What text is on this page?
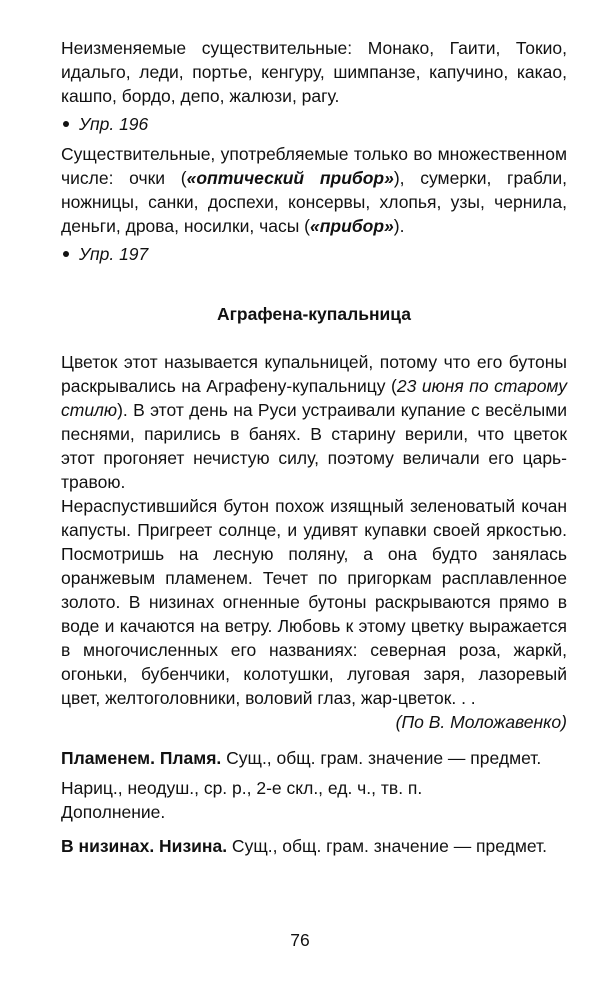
Неизменяемые существительные: Монако, Гаити, Токио, идальго, леди, портье, кенгуру, шимпанзе, капучино, какао, кашпо, бордо, депо, жалюзи, рагу.

Упр. 196

Существительные, употребляемые только во множественном числе: очки («оптический прибор»), сумерки, грабли, ножницы, санки, доспехи, консервы, хлопья, узы, чернила, деньги, дрова, носилки, часы («прибор»).

Упр. 197
Аграфена-купальница

Цветок этот называется купальницей, потому что его бутоны раскрывались на Аграфену-купальницу (23 июня по старому стилю). В этот день на Руси устраивали купание с весёлыми песнями, парились в банях. В старину верили, что цветок этот прогоняет нечистую силу, поэтому величали его царь-травою.

Нераспустившийся бутон похож изящный зеленоватый кочан капусты. Пригреет солнце, и удивят купавки своей яркостью. Посмотришь на лесную поляну, а она будто занялась оранжевым пламенем. Течет по пригоркам расплавленное золото. В низинах огненные бутоны раскрываются прямо в воде и качаются на ветру. Любовь к этому цветку выражается в многочисленных его названиях: северная роза, жаркй, огоньки, бубенчики, колотушки, луговая заря, лазоревый цвет, желтоголовники, воловий глаз, жар-цветок. . .

(По В. Моложавенко)

Пламенем. Пламя. Сущ., общ. грам. значение — предмет.

Нариц., неодуш., ср. р., 2-е скл., ед. ч., тв. п.

Дополнение.

В низинах. Низина. Сущ., общ. грам. значение — предмет.

76
